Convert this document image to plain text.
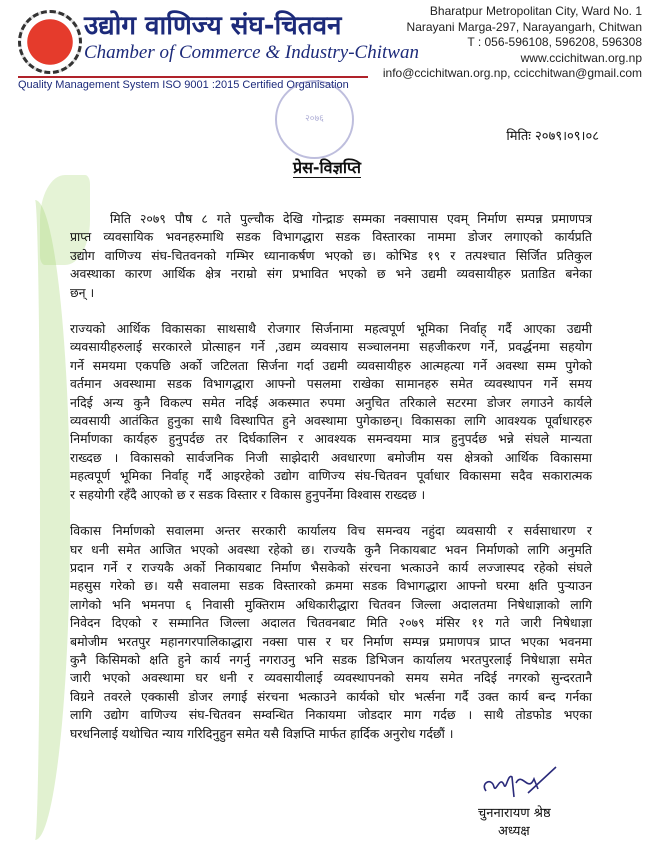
उद्योग वाणिज्य संघ-चितवन
Chamber of Commerce & Industry-Chitwan
Quality Management System ISO 9001 :2015 Certified Organisation
२०७६
Bharatpur Metropolitan City, Ward No. 1
Narayani Marga-297, Narayangarh, Chitwan
T : 056-596108, 596208, 596308
www.ccichitwan.org.np
info@ccichitwan.org.np, ccicchitwan@gmail.com
मितिः २०७९।०९।०८
प्रेस-विज्ञप्ति
मिति २०७९ पौष ८ गते पुल्चौक देखि गोन्द्राङ सम्मका नक्सापास एवम् निर्माण सम्पन्न प्रमाणपत्र
प्राप्त व्यवसायिक भवनहरुमाथि सडक विभागद्धारा सडक विस्तारका नाममा डोजर लगाएको कार्यप्रति
उद्योग वाणिज्य संघ-चितवनको गम्भिर ध्यानाकर्षण भएको छ। कोभिड १९ र तत्पश्चात सिर्जित प्रतिकुल
अवस्थाका कारण आर्थिक क्षेत्र नराम्रो संग प्रभावित भएको छ भने उद्यमी व्यवसायीहरु प्रताडित बनेका
छन् ।
राज्यको आर्थिक विकासका साथसाथै रोजगार सिर्जनामा महत्वपूर्ण भूमिका निर्वाह् गर्दै आएका उद्यमी
व्यवसायीहरुलाई सरकारले प्रोत्साहन गर्ने ,उद्यम व्यवसाय सञ्चालनमा सहजीकरण गर्ने, प्रवर्द्धनमा सहयोग
गर्ने समयमा एकपछि अर्को जटिलता सिर्जना गर्दा उद्यमी व्यवसायीहरु आत्महत्या गर्ने अवस्था सम्म पुगेको
वर्तमान अवस्थामा सडक विभागद्धारा आफ्नो पसलमा राखेका सामानहरु समेत व्यवस्थापन गर्ने समय
नदिई अन्य कुनै विकल्प समेत नदिई अकस्मात रुपमा अनुचित तरिकाले सटरमा डोजर लगाउने कार्यले
व्यवसायी आतंकित हुनुका साथै विस्थापित हुने अवस्थामा पुगेकाछन्। विकासका लागि आवश्यक पूर्वाधारहरु
निर्माणका कार्यहरु हुनुपर्दछ तर दिर्घकालिन र आवश्यक समन्वयमा मात्र हुनुपर्दछ भन्ने संघले मान्यता
राख्दछ । विकासको सार्वजनिक निजी साझेदारी अवधारणा बमोजीम यस क्षेत्रको आर्थिक विकासमा
महत्वपूर्ण भूमिका निर्वाह् गर्दै आइरहेको उद्योग वाणिज्य संघ-चितवन पूर्वाधार विकासमा सदैव सकारात्मक
र सहयोगी रहँदै आएको छ र सडक विस्तार र विकास हुनुपर्नेमा विश्वास राख्दछ ।
विकास निर्माणको सवालमा अन्तर सरकारी कार्यालय विच समन्वय नहुंदा व्यवसायी र सर्वसाधारण र
घर धनी समेत आजित भएको अवस्था रहेको छ। राज्यकै कुनै निकायबाट भवन निर्माणको लागि अनुमति
प्रदान गर्ने र राज्यकै अर्को निकायबाट निर्माण भैसकेको संरचना भत्काउने कार्य लज्जास्पद रहेको संघले
महसुस गरेको छ। यसै सवालमा सडक विस्तारको क्रममा सडक विभागद्धारा आफ्नो घरमा क्षति पुऱ्याउन
लागेको भनि भमनपा ६ निवासी मुक्तिराम अधिकारीद्धारा चितवन जिल्ला अदालतमा निषेधाज्ञाको लागि
निवेदन दिएको र सम्मानित जिल्ला अदालत चितवनबाट मिति २०७९ मंसिर ११ गते जारी निषेधाज्ञा
बमोजीम भरतपुर महानगरपालिकाद्धारा नक्सा पास र घर निर्माण सम्पन्न प्रमाणपत्र प्राप्त भएका भवनमा
कुनै किसिमको क्षति हुने कार्य नगर्नु नगराउनु भनि सडक डिभिजन कार्यालय भरतपुरलाई निषेधाज्ञा समेत
जारी भएको अवस्थामा घर धनी र व्यवसायीलाई व्यवस्थापनको समय समेत नदिई नगरको सुन्दरतानै
विग्रने तवरले एक्कासी डोजर लगाई संरचना भत्काउने कार्यको घोर भर्त्सना गर्दै उक्त कार्य बन्द गर्नका
लागि उद्योग वाणिज्य संघ-चितवन सम्वन्धित निकायमा जोडदार माग गर्दछ । साथै तोडफोड भएका
घरधनिलाई यथोचित न्याय गरिदिनुहुन समेत यसै विज्ञप्ति मार्फत हार्दिक अनुरोध गर्दछौं ।
चुननारायण श्रेष्ठ
अध्यक्ष
